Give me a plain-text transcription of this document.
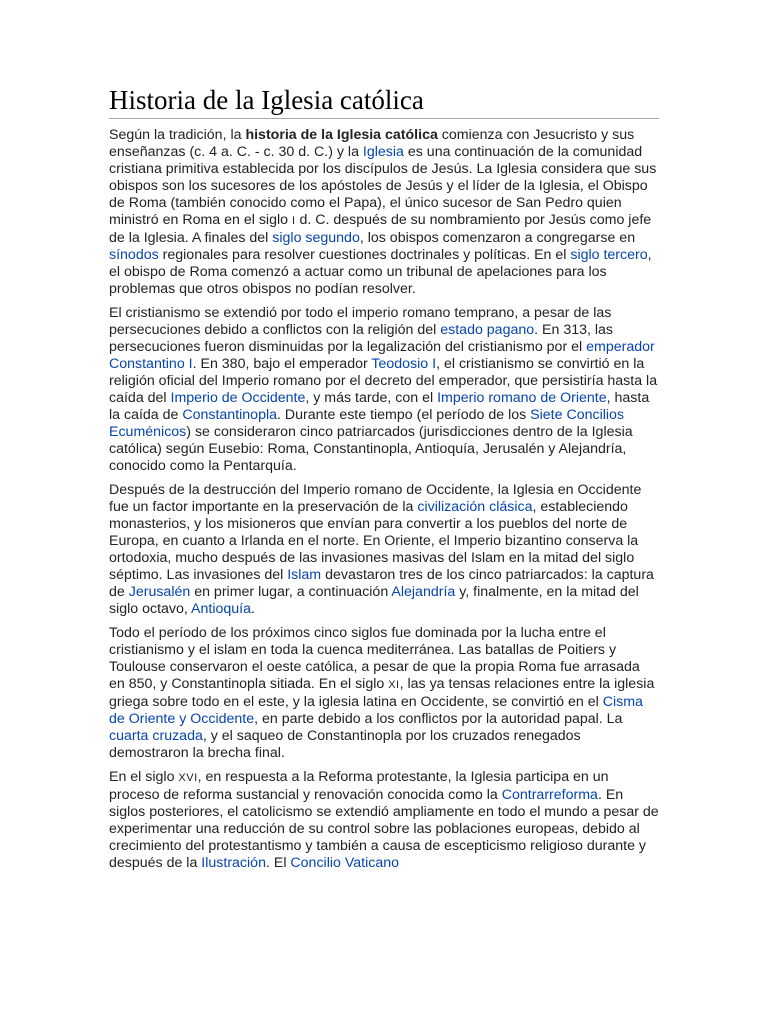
Historia de la Iglesia católica

Según la tradición, la historia de la Iglesia católica comienza con Jesucristo y sus enseñanzas (c. 4 a. C. - c. 30 d. C.) y la Iglesia es una continuación de la comunidad cristiana primitiva establecida por los discípulos de Jesús. La Iglesia considera que sus obispos son los sucesores de los apóstoles de Jesús y el líder de la Iglesia, el Obispo de Roma (también conocido como el Papa), el único sucesor de San Pedro quien ministró en Roma en el siglo I d. C. después de su nombramiento por Jesús como jefe de la Iglesia. A finales del siglo segundo, los obispos comenzaron a congregarse en sínodos regionales para resolver cuestiones doctrinales y políticas. En el siglo tercero, el obispo de Roma comenzó a actuar como un tribunal de apelaciones para los problemas que otros obispos no podían resolver.

El cristianismo se extendió por todo el imperio romano temprano, a pesar de las persecuciones debido a conflictos con la religión del estado pagano. En 313, las persecuciones fueron disminuidas por la legalización del cristianismo por el emperador Constantino I. En 380, bajo el emperador Teodosio I, el cristianismo se convirtió en la religión oficial del Imperio romano por el decreto del emperador, que persistiría hasta la caída del Imperio de Occidente, y más tarde, con el Imperio romano de Oriente, hasta la caída de Constantinopla. Durante este tiempo (el período de los Siete Concilios Ecuménicos) se consideraron cinco patriarcados (jurisdicciones dentro de la Iglesia católica) según Eusebio: Roma, Constantinopla, Antioquía, Jerusalén y Alejandría, conocido como la Pentarquía.

Después de la destrucción del Imperio romano de Occidente, la Iglesia en Occidente fue un factor importante en la preservación de la civilización clásica, estableciendo monasterios, y los misioneros que envían para convertir a los pueblos del norte de Europa, en cuanto a Irlanda en el norte. En Oriente, el Imperio bizantino conserva la ortodoxia, mucho después de las invasiones masivas del Islam en la mitad del siglo séptimo. Las invasiones del Islam devastaron tres de los cinco patriarcados: la captura de Jerusalén en primer lugar, a continuación Alejandría y, finalmente, en la mitad del siglo octavo, Antioquía.

Todo el período de los próximos cinco siglos fue dominada por la lucha entre el cristianismo y el islam en toda la cuenca mediterránea. Las batallas de Poitiers y Toulouse conservaron el oeste católica, a pesar de que la propia Roma fue arrasada en 850, y Constantinopla sitiada. En el siglo XI, las ya tensas relaciones entre la iglesia griega sobre todo en el este, y la iglesia latina en Occidente, se convirtió en el Cisma de Oriente y Occidente, en parte debido a los conflictos por la autoridad papal. La cuarta cruzada, y el saqueo de Constantinopla por los cruzados renegados demostraron la brecha final.

En el siglo XVI, en respuesta a la Reforma protestante, la Iglesia participa en un proceso de reforma sustancial y renovación conocida como la Contrarreforma. En siglos posteriores, el catolicismo se extendió ampliamente en todo el mundo a pesar de experimentar una reducción de su control sobre las poblaciones europeas, debido al crecimiento del protestantismo y también a causa de escepticismo religioso durante y después de la Ilustración. El Concilio Vaticano
